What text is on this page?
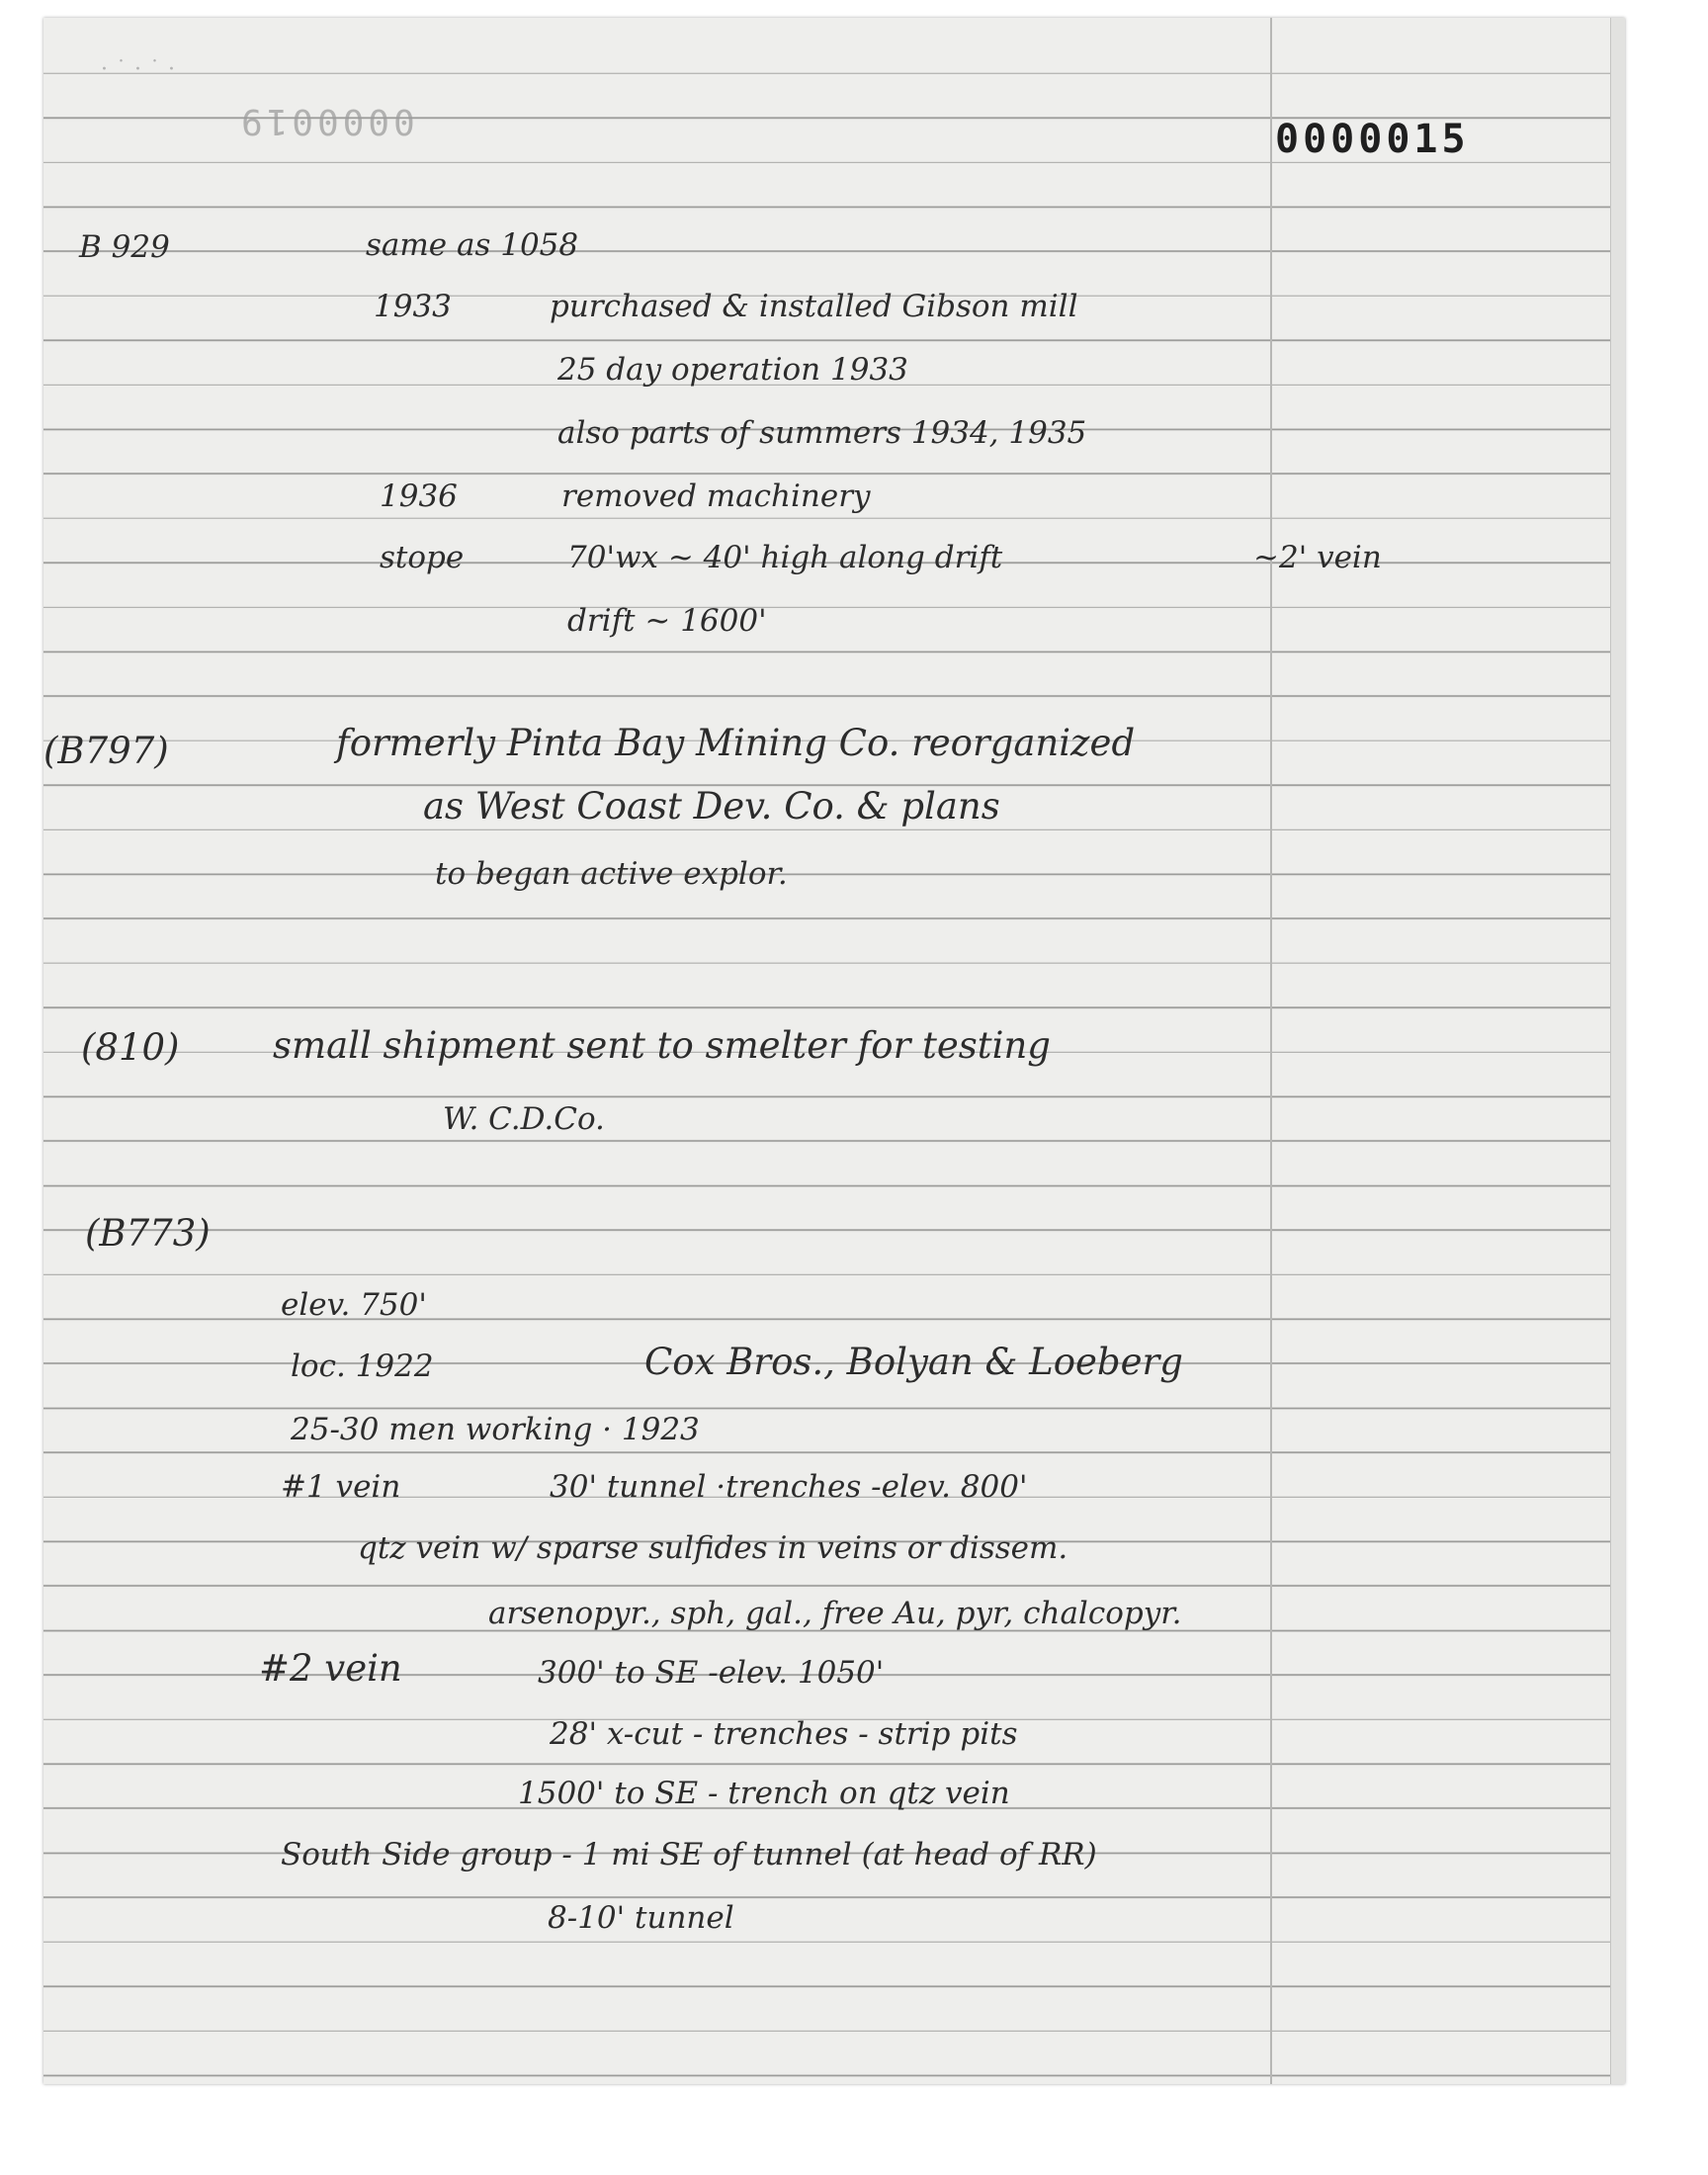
·˙·˙·
0000019	0000015
B 929	same as 1058
1933	purchased & installed Gibson mill
25 day operation 1933
also parts of summers 1934, 1935
1936	removed machinery
stope	70'wx ~ 40' high along drift	~2' vein
drift ~ 1600'
(B797)	formerly Pinta Bay Mining Co. reorganized
as West Coast Dev. Co. & plans
to began active explor.
(810)	small shipment sent to smelter for testing
W. C.D.Co.
(B773)
elev. 750'
loc. 1922	Cox Bros., Bolyan & Loeberg
25-30 men working · 1923
#1 vein	30' tunnel ·trenches -elev. 800'
qtz vein w/ sparse sulfides in veins or dissem.
arsenopyr., sph, gal., free Au, pyr, chalcopyr.
#2 vein	300' to SE -elev. 1050'
28' x-cut - trenches - strip pits
1500' to SE - trench on qtz vein
South Side group - 1 mi SE of tunnel (at head of RR)
8-10' tunnel
